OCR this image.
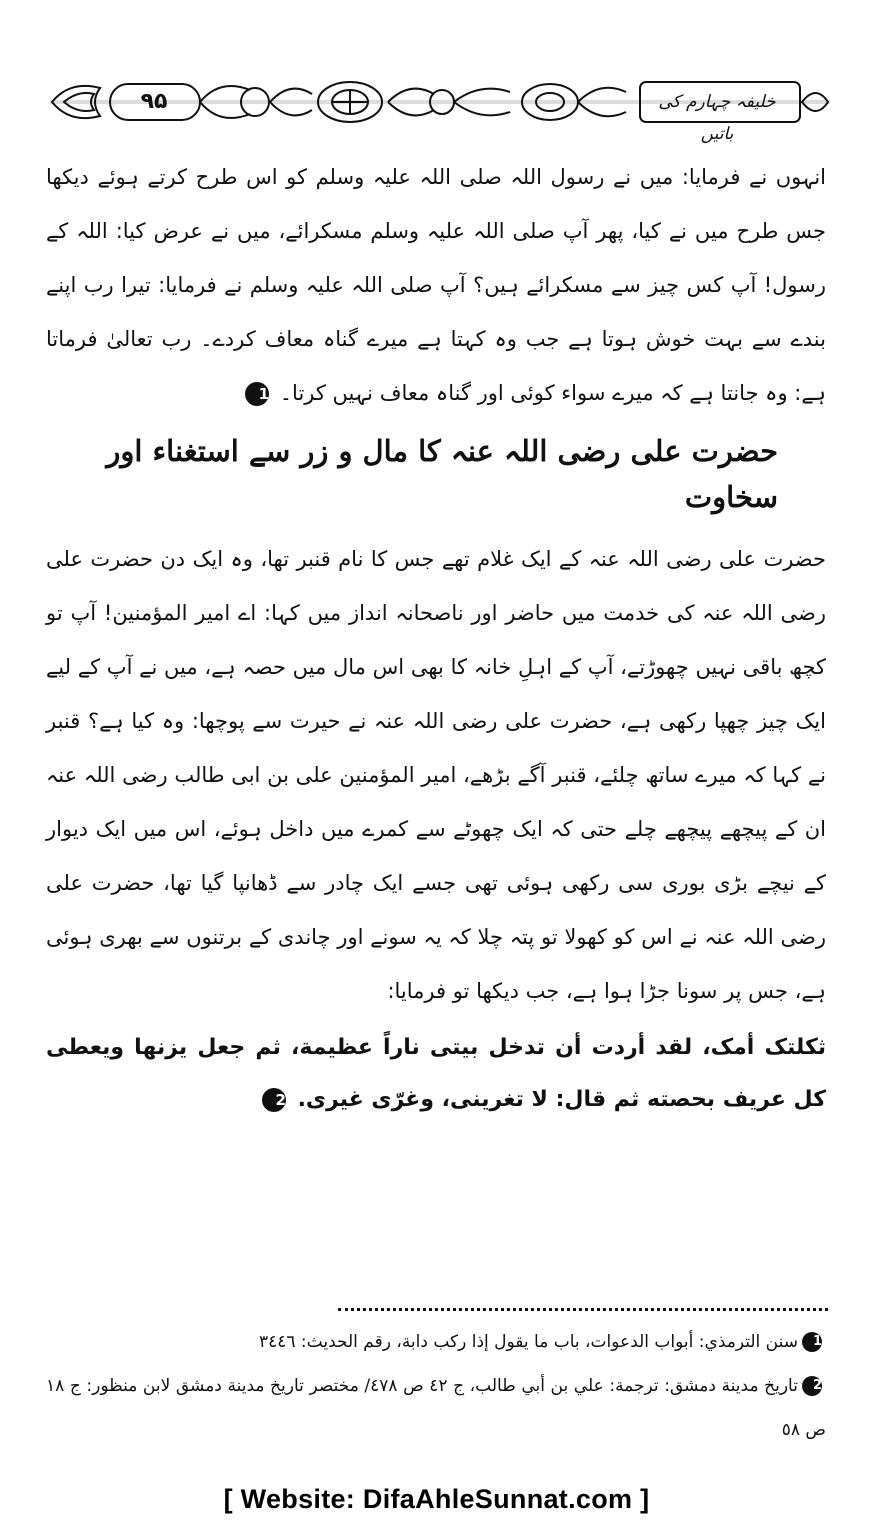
۹۵	خلیفہ چہارم کی باتیں

انہوں نے فرمایا: میں نے رسول اللہ صلی اللہ علیہ وسلم کو اس طرح کرتے ہوئے دیکھا جس طرح میں نے کیا، پھر آپ صلی اللہ علیہ وسلم مسکرائے، میں نے عرض کیا: اللہ کے رسول! آپ کس چیز سے مسکرائے ہیں؟ آپ صلی اللہ علیہ وسلم نے فرمایا: تیرا رب اپنے بندے سے بہت خوش ہوتا ہے جب وہ کہتا ہے میرے گناہ معاف کردے۔ رب تعالیٰ فرماتا ہے: وہ جانتا ہے کہ میرے سواء کوئی اور گناہ معاف نہیں کرتا۔ 1

حضرت علی رضی اللہ عنہ کا مال و زر سے استغناء اور سخاوت

حضرت علی رضی اللہ عنہ کے ایک غلام تھے جس کا نام قنبر تھا، وہ ایک دن حضرت علی رضی اللہ عنہ کی خدمت میں حاضر اور ناصحانہ انداز میں کہا: اے امیر المؤمنین! آپ تو کچھ باقی نہیں چھوڑتے، آپ کے اہلِ خانہ کا بھی اس مال میں حصہ ہے، میں نے آپ کے لیے ایک چیز چھپا رکھی ہے، حضرت علی رضی اللہ عنہ نے حیرت سے پوچھا: وہ کیا ہے؟ قنبر نے کہا کہ میرے ساتھ چلئے، قنبر آگے بڑھے، امیر المؤمنین علی بن ابی طالب رضی اللہ عنہ ان کے پیچھے پیچھے چلے حتی کہ ایک چھوٹے سے کمرے میں داخل ہوئے، اس میں ایک دیوار کے نیچے بڑی بوری سی رکھی ہوئی تھی جسے ایک چادر سے ڈھانپا گیا تھا، حضرت علی رضی اللہ عنہ نے اس کو کھولا تو پتہ چلا کہ یہ سونے اور چاندی کے برتنوں سے بھری ہوئی ہے، جس پر سونا جڑا ہوا ہے، جب دیکھا تو فرمایا:

ثکلتک أمک، لقد أردت أن تدخل بیتی ناراً عظیمة، ثم جعل یزنها ویعطی کل عریف بحصته ثم قال: لا تغرینی، وغرّی غیری. 2

1سنن الترمذي: أبواب الدعوات، باب ما يقول إذا ركب دابة، رقم الحديث: ٣٤٤٦

2تاريخ مدينة دمشق: ترجمة: علي بن أبي طالب، ج ٤٢ ص ٤٧٨/ مختصر تاريخ مدينة دمشق لابن منظور: ج ١٨ ص ٥٨

[ Website: DifaAhleSunnat.com ]
